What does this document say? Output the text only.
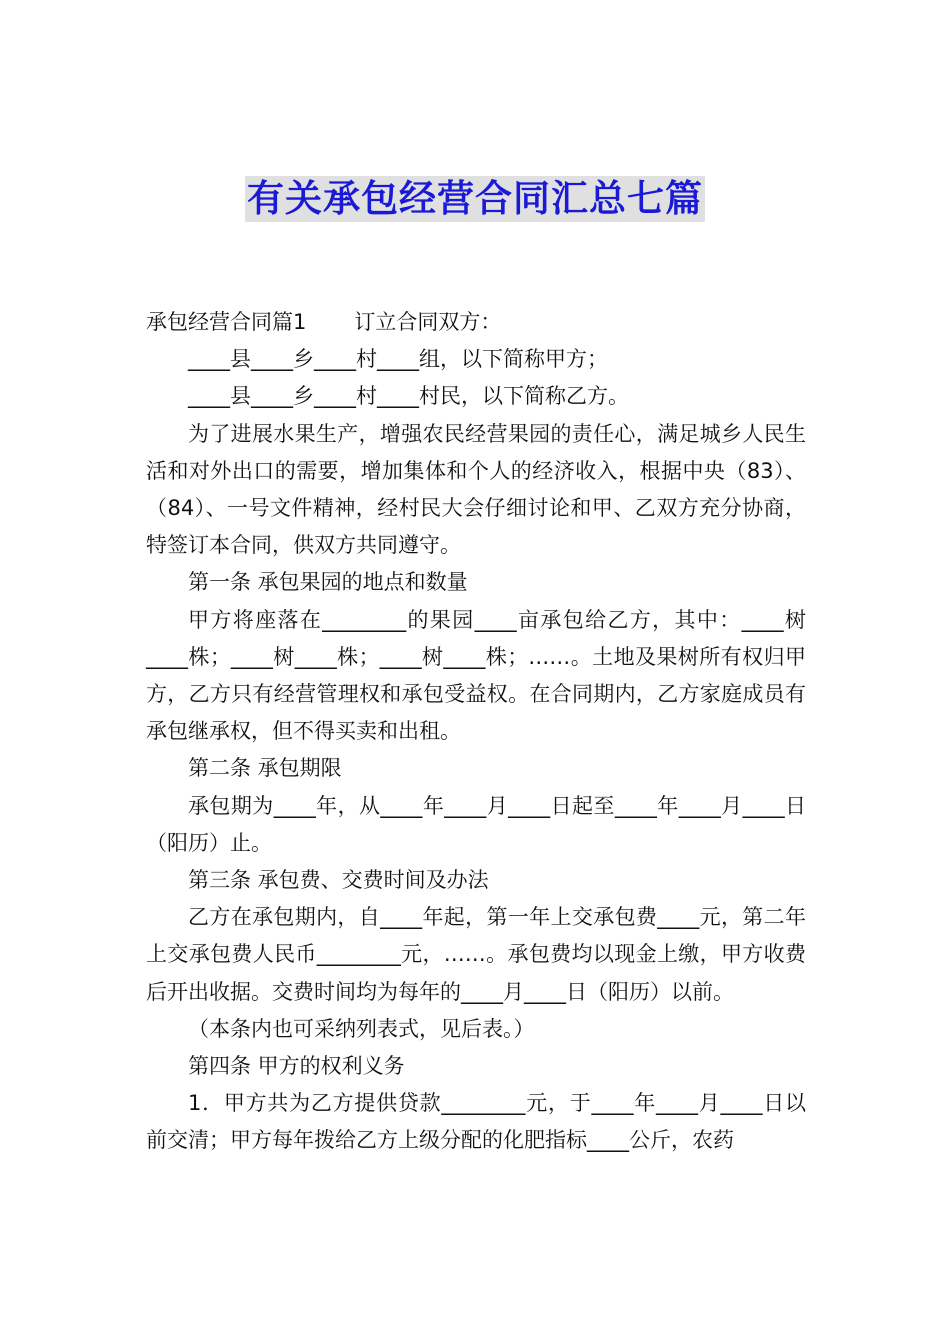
有关承包经营合同汇总七篇

承包经营合同篇1 订立合同双方：

____县____乡____村____组，以下简称甲方；

____县____乡____村____村民，以下简称乙方。

为了进展水果生产，增强农民经营果园的责任心，满足城乡人民生活和对外出口的需要，增加集体和个人的经济收入，根据中央（83）、（84）、一号文件精神，经村民大会仔细讨论和甲、乙双方充分协商，特签订本合同，供双方共同遵守。

第一条 承包果园的地点和数量

甲方将座落在________的果园____亩承包给乙方，其中：____树____株；____树____株；____树____株；……。土地及果树所有权归甲方，乙方只有经营管理权和承包受益权。在合同期内，乙方家庭成员有承包继承权，但不得买卖和出租。

第二条 承包期限

承包期为____年，从____年____月____日起至____年____月____日（阳历）止。

第三条 承包费、交费时间及办法

乙方在承包期内，自____年起，第一年上交承包费____元，第二年上交承包费人民币________元，……。承包费均以现金上缴，甲方收费后开出收据。交费时间均为每年的____月____日（阳历）以前。

（本条内也可采纳列表式，见后表。）

第四条 甲方的权利义务

1．甲方共为乙方提供贷款________元，于____年____月____日以前交清；甲方每年拨给乙方上级分配的化肥指标____公斤，农药
